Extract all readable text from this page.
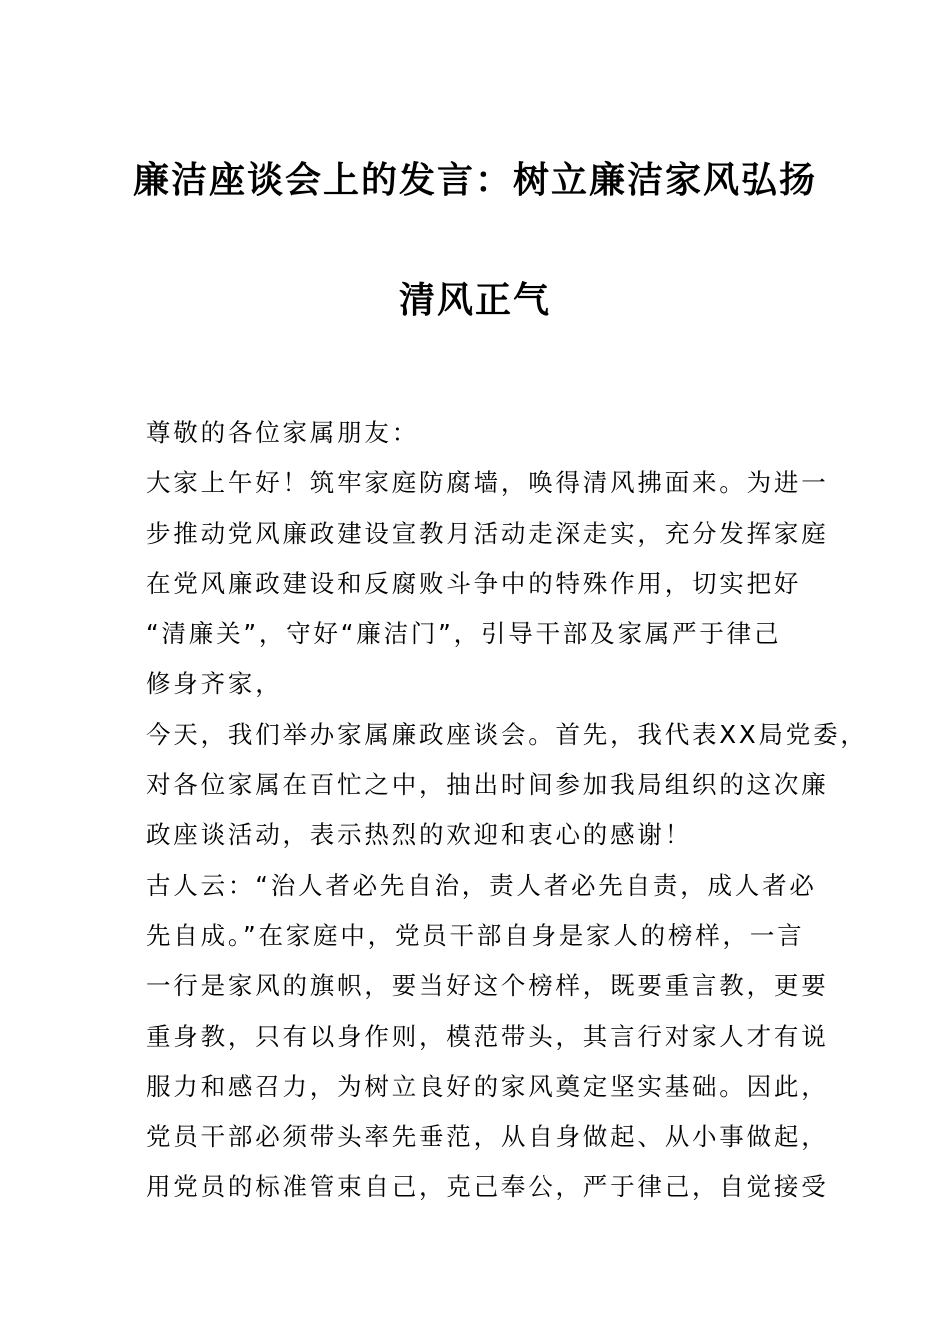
廉洁座谈会上的发言：树立廉洁家风弘扬
清风正气
尊敬的各位家属朋友：
大家上午好！筑牢家庭防腐墙，唤得清风拂面来。为进一
步推动党风廉政建设宣教月活动走深走实，充分发挥家庭
在党风廉政建设和反腐败斗争中的特殊作用，切实把好
“清廉关”，守好“廉洁门”，引导干部及家属严于律己
修身齐家，
今天，我们举办家属廉政座谈会。首先，我代表XX局党委，
对各位家属在百忙之中，抽出时间参加我局组织的这次廉
政座谈活动，表示热烈的欢迎和衷心的感谢！
古人云：“治人者必先自治，责人者必先自责，成人者必
先自成。”在家庭中，党员干部自身是家人的榜样，一言
一行是家风的旗帜，要当好这个榜样，既要重言教，更要
重身教，只有以身作则，模范带头，其言行对家人才有说
服力和感召力，为树立良好的家风奠定坚实基础。因此，
党员干部必须带头率先垂范，从自身做起、从小事做起，
用党员的标准管束自己，克己奉公，严于律己，自觉接受
